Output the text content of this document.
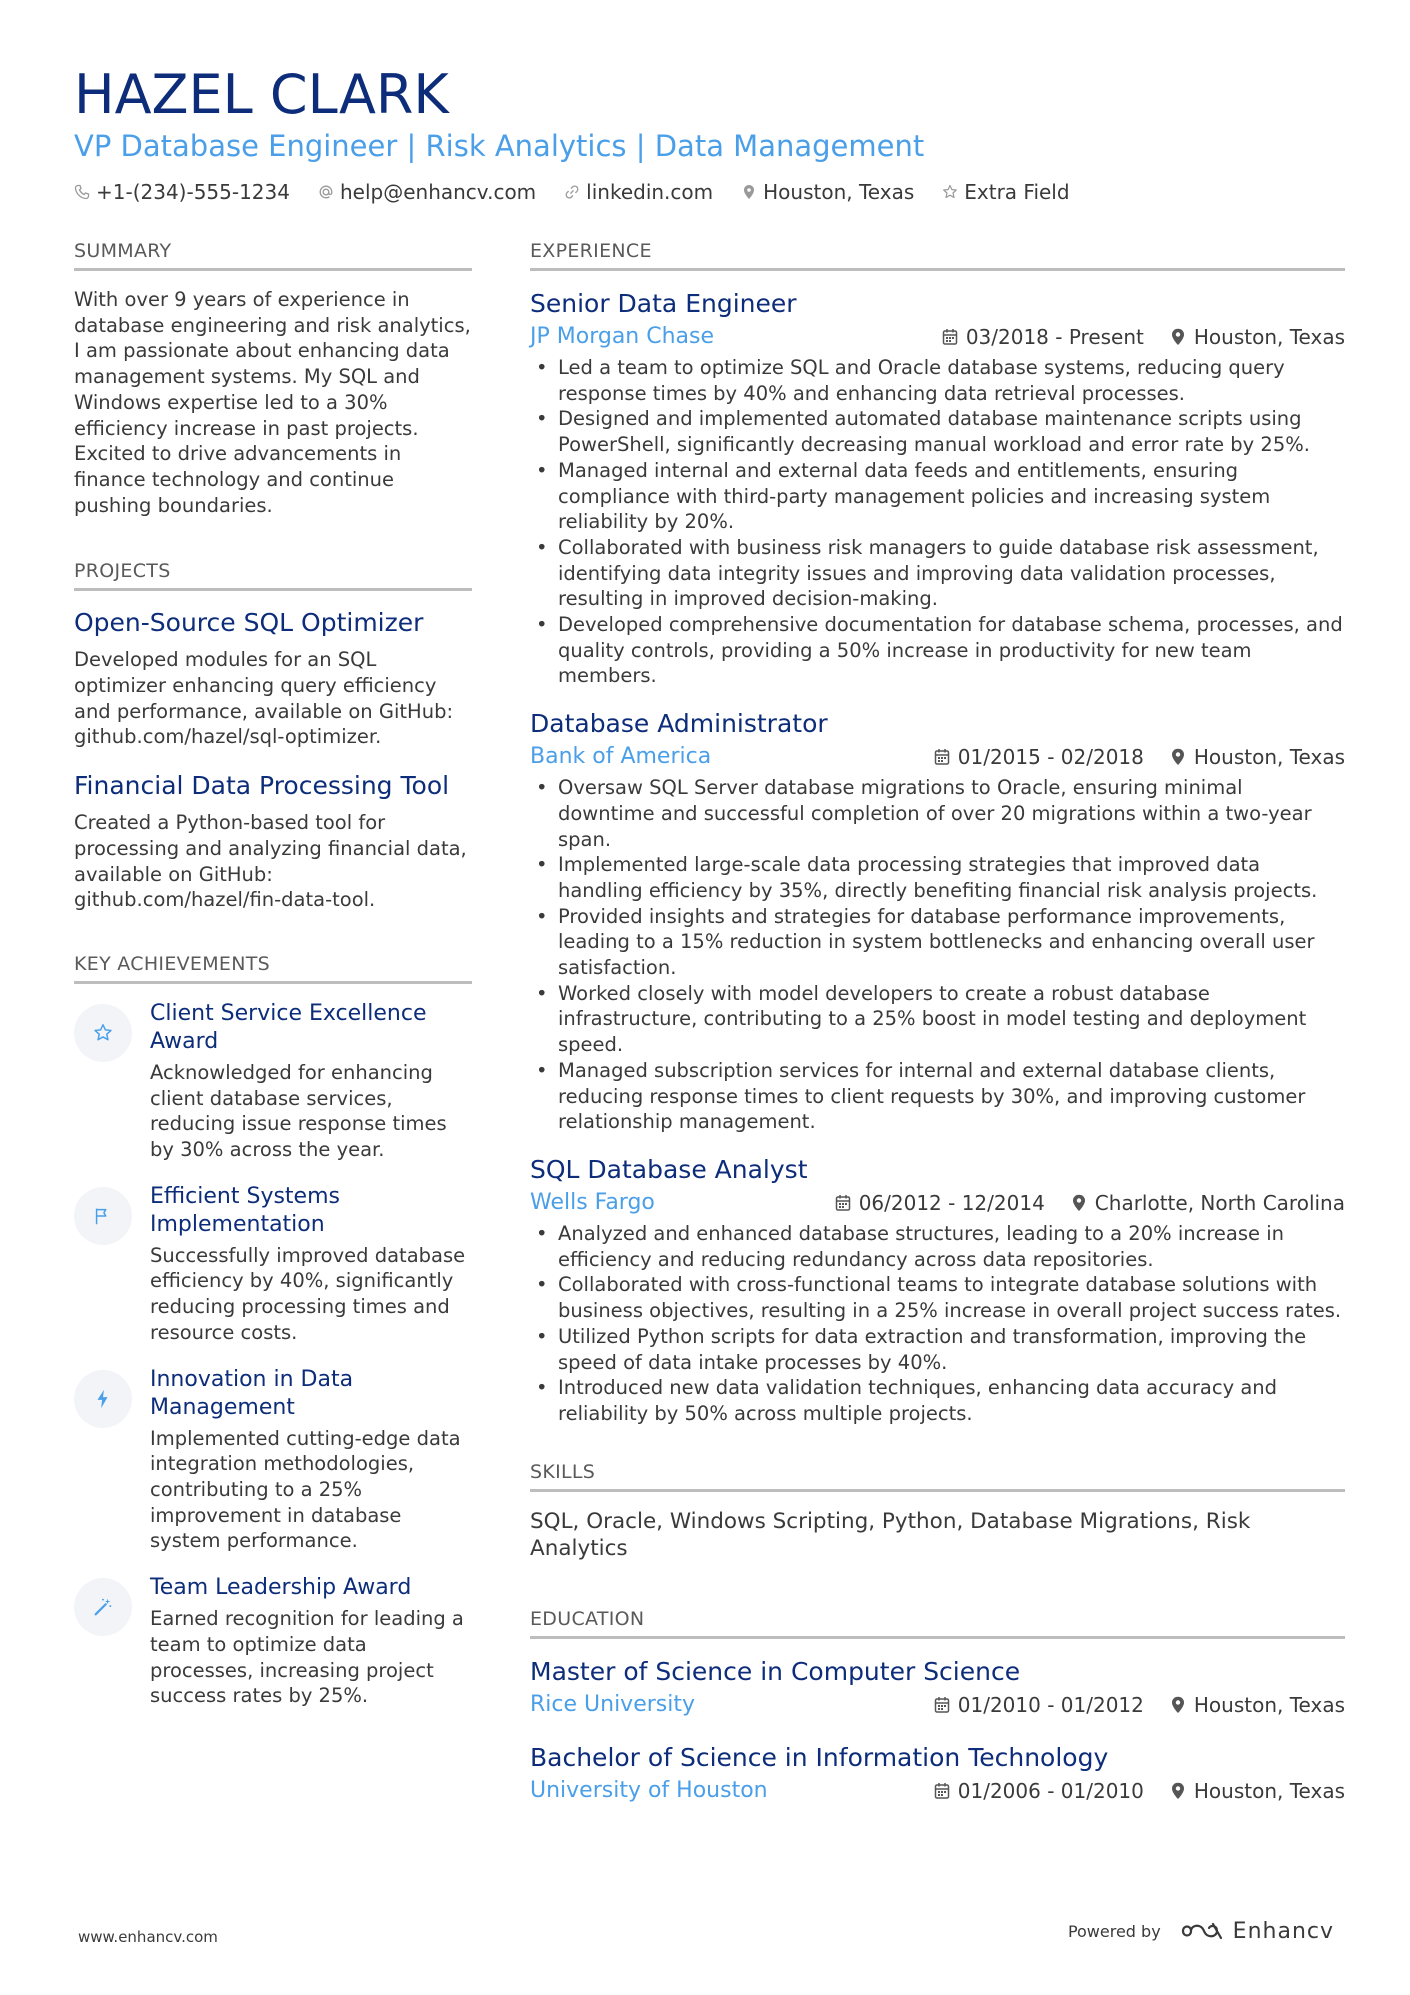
HAZEL CLARK
VP Database Engineer | Risk Analytics | Data Management
+1-(234)-555-1234	help@enhancv.com	linkedin.com	Houston, Texas	Extra Field
SUMMARY
With over 9 years of experience in database engineering and risk analytics, I am passionate about enhancing data management systems. My SQL and Windows expertise led to a 30% efficiency increase in past projects. Excited to drive advancements in finance technology and continue pushing boundaries.
PROJECTS
Open-Source SQL Optimizer
Developed modules for an SQL optimizer enhancing query efficiency and performance, available on GitHub: github.com/hazel/sql-optimizer.
Financial Data Processing Tool
Created a Python-based tool for processing and analyzing financial data, available on GitHub: github.com/hazel/fin-data-tool.
KEY ACHIEVEMENTS
Client Service Excellence Award
Acknowledged for enhancing client database services, reducing issue response times by 30% across the year.
Efficient Systems Implementation
Successfully improved database efficiency by 40%, significantly reducing processing times and resource costs.
Innovation in Data Management
Implemented cutting-edge data integration methodologies, contributing to a 25% improvement in database system performance.
Team Leadership Award
Earned recognition for leading a team to optimize data processes, increasing project success rates by 25%.
EXPERIENCE
Senior Data Engineer
JP Morgan Chase	03/2018 - Present	Houston, Texas
• Led a team to optimize SQL and Oracle database systems, reducing query response times by 40% and enhancing data retrieval processes.
• Designed and implemented automated database maintenance scripts using PowerShell, significantly decreasing manual workload and error rate by 25%.
• Managed internal and external data feeds and entitlements, ensuring compliance with third-party management policies and increasing system reliability by 20%.
• Collaborated with business risk managers to guide database risk assessment, identifying data integrity issues and improving data validation processes, resulting in improved decision-making.
• Developed comprehensive documentation for database schema, processes, and quality controls, providing a 50% increase in productivity for new team members.
Database Administrator
Bank of America	01/2015 - 02/2018	Houston, Texas
• Oversaw SQL Server database migrations to Oracle, ensuring minimal downtime and successful completion of over 20 migrations within a two-year span.
• Implemented large-scale data processing strategies that improved data handling efficiency by 35%, directly benefiting financial risk analysis projects.
• Provided insights and strategies for database performance improvements, leading to a 15% reduction in system bottlenecks and enhancing overall user satisfaction.
• Worked closely with model developers to create a robust database infrastructure, contributing to a 25% boost in model testing and deployment speed.
• Managed subscription services for internal and external database clients, reducing response times to client requests by 30%, and improving customer relationship management.
SQL Database Analyst
Wells Fargo	06/2012 - 12/2014	Charlotte, North Carolina
• Analyzed and enhanced database structures, leading to a 20% increase in efficiency and reducing redundancy across data repositories.
• Collaborated with cross-functional teams to integrate database solutions with business objectives, resulting in a 25% increase in overall project success rates.
• Utilized Python scripts for data extraction and transformation, improving the speed of data intake processes by 40%.
• Introduced new data validation techniques, enhancing data accuracy and reliability by 50% across multiple projects.
SKILLS
SQL, Oracle, Windows Scripting, Python, Database Migrations, Risk Analytics
EDUCATION
Master of Science in Computer Science
Rice University	01/2010 - 01/2012	Houston, Texas
Bachelor of Science in Information Technology
University of Houston	01/2006 - 01/2010	Houston, Texas
www.enhancv.com	Powered by	Enhancv
